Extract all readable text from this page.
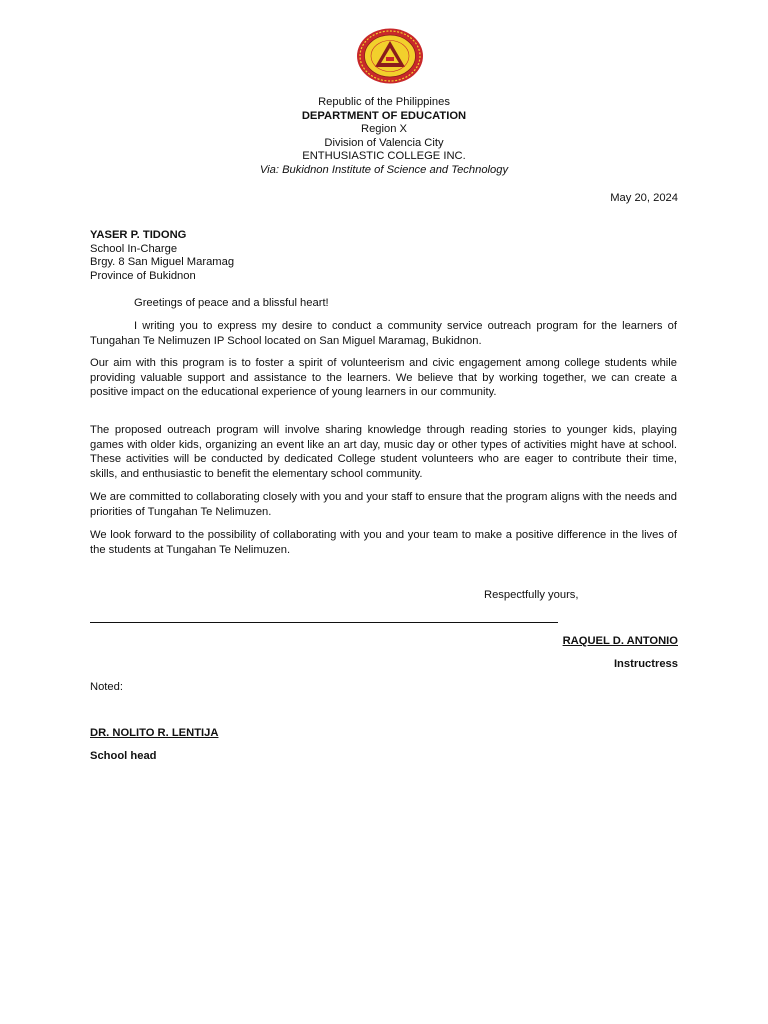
Republic of the Philippines
DEPARTMENT OF EDUCATION
Region X
Division of Valencia City
ENTHUSIASTIC COLLEGE INC.
Via: Bukidnon Institute of Science and Technology
May 20, 2024
YASER P. TIDONG
School In-Charge
Brgy. 8 San Miguel Maramag
Province of Bukidnon

Greetings of peace and a blissful heart!

I writing you to express my desire to conduct a community service outreach program for the learners of Tungahan Te Nelimuzen IP School located on San Miguel Maramag, Bukidnon.

Our aim with this program is to foster a spirit of volunteerism and civic engagement among college students while providing valuable support and assistance to the learners. We believe that by working together, we can create a positive impact on the educational experience of young learners in our community.

The proposed outreach program will involve sharing knowledge through reading stories to younger kids, playing games with older kids, organizing an event like an art day, music day or other types of activities might have at school. These activities will be conducted by dedicated College student volunteers who are eager to contribute their time, skills, and enthusiastic to benefit the elementary school community.

We are committed to collaborating closely with you and your staff to ensure that the program aligns with the needs and priorities of Tungahan Te Nelimuzen.

We look forward to the possibility of collaborating with you and your team to make a positive difference in the lives of the students at Tungahan Te Nelimuzen.

Respectfully yours,
RAQUEL D. ANTONIO
Instructress
Noted:
DR. NOLITO R. LENTIJA
School head
